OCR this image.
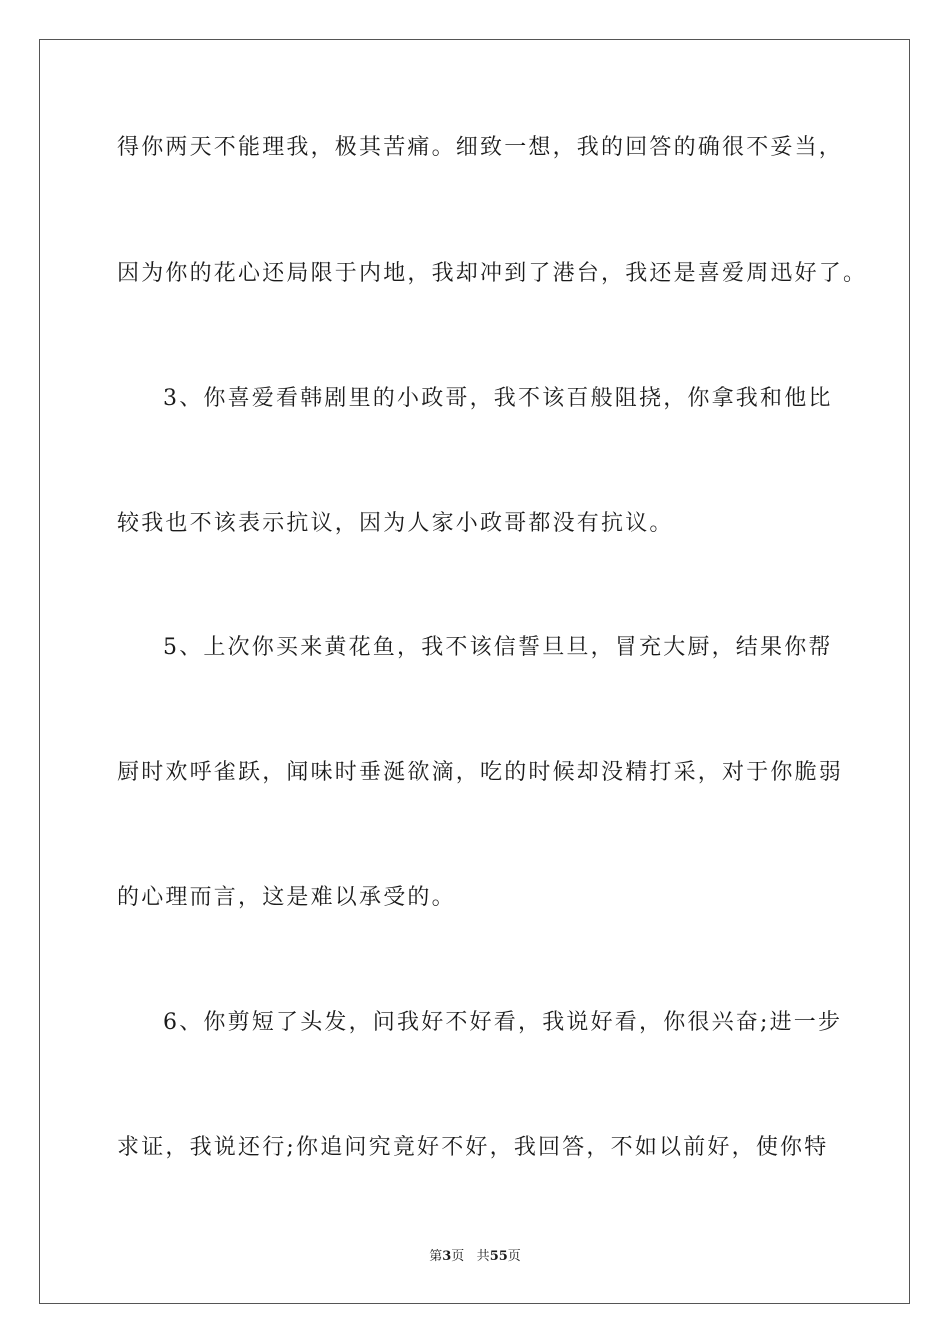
得你两天不能理我，极其苦痛。细致一想，我的回答的确很不妥当，
因为你的花心还局限于内地，我却冲到了港台，我还是喜爱周迅好了。
3、你喜爱看韩剧里的小政哥，我不该百般阻挠，你拿我和他比
较我也不该表示抗议，因为人家小政哥都没有抗议。
5、上次你买来黄花鱼，我不该信誓旦旦，冒充大厨，结果你帮
厨时欢呼雀跃，闻味时垂涎欲滴，吃的时候却没精打采，对于你脆弱
的心理而言，这是难以承受的。
6、你剪短了头发，问我好不好看，我说好看，你很兴奋;进一步
求证，我说还行;你追问究竟好不好，我回答，不如以前好，使你特
第3页 共55页
